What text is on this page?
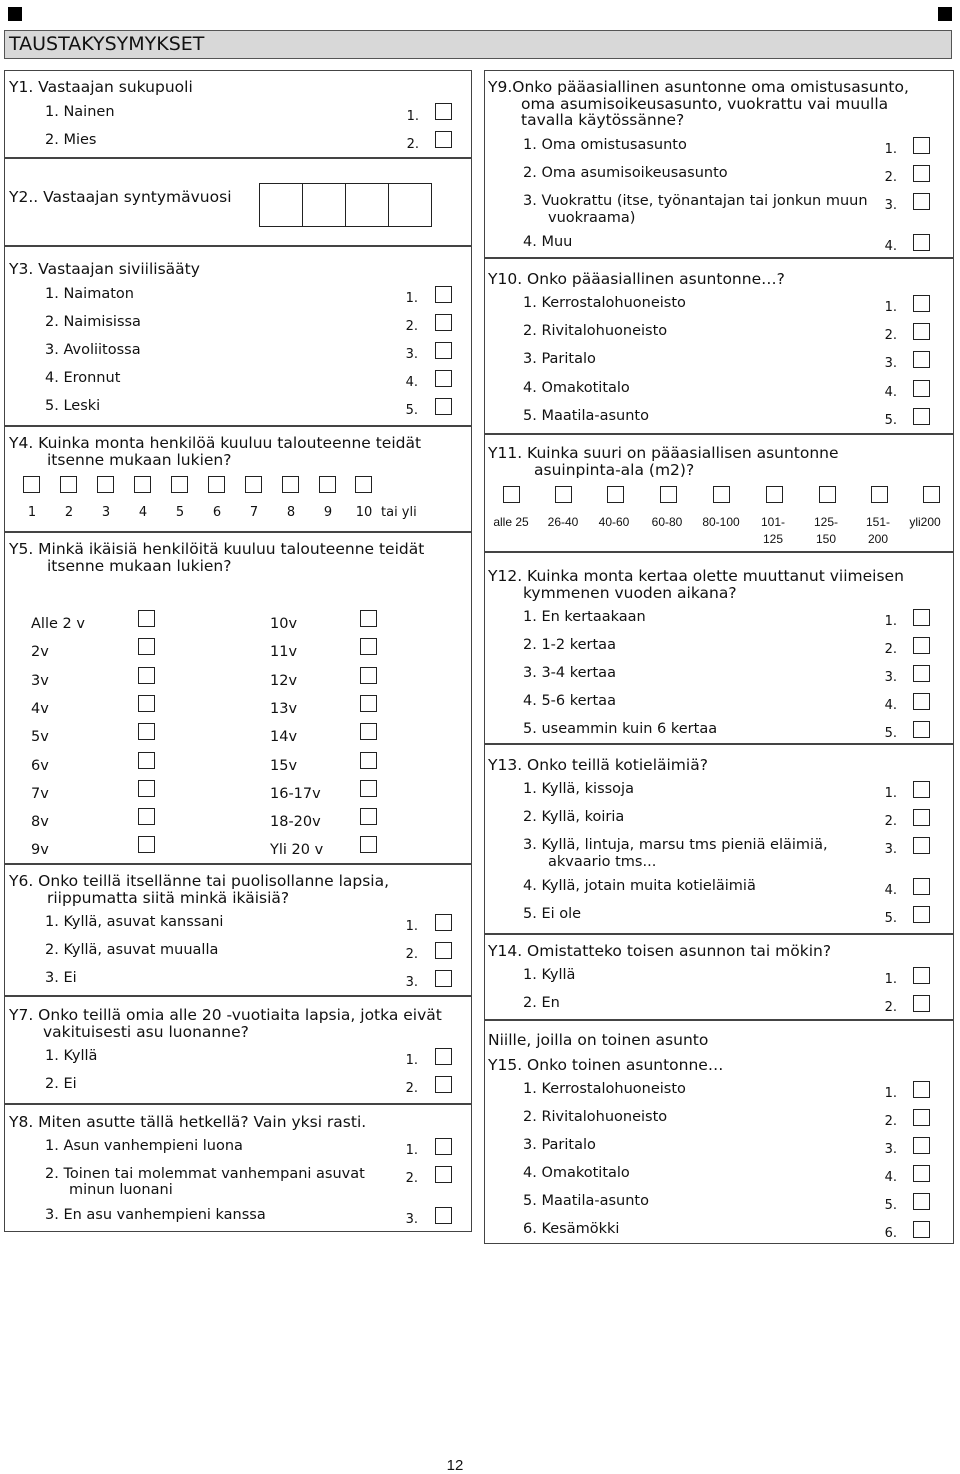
TAUSTAKYSYMYKSET
Y1. Vastaajan sukupuoli
1. Nainen	1.
2. Mies	2.
Y2.. Vastaajan syntymävuosi
Y3. Vastaajan siviilisääty
1. Naimaton	1.
2. Naimisissa	2.
3. Avoliitossa	3.
4. Eronnut	4.
5. Leski	5.
Y4. Kuinka monta henkilöä kuuluu talouteenne teidät
itsenne mukaan lukien?
1	2	3	4	5	6	7	8	9	10 tai yli
Y5. Minkä ikäisiä henkilöitä kuuluu talouteenne teidät
itsenne mukaan lukien?
Alle 2 v	10v
2v	11v
3v	12v
4v	13v
5v	14v
6v	15v
7v	16-17v
8v	18-20v
9v	Yli 20 v
Y6. Onko teillä itsellänne tai puolisollanne lapsia,
riippumatta siitä minkä ikäisiä?
1. Kyllä, asuvat kanssani	1.
2. Kyllä, asuvat muualla	2.
3. Ei	3.
Y7. Onko teillä omia alle 20 -vuotiaita lapsia, jotka eivät
vakituisesti asu luonanne?
1. Kyllä	1.
2. Ei	2.
Y8. Miten asutte tällä hetkellä? Vain yksi rasti.
1. Asun vanhempieni luona	1.
2. Toinen tai molemmat vanhempani asuvat
minun luonani
2.
3. En asu vanhempieni kanssa	3.
Y9.Onko pääasiallinen asuntonne oma omistusasunto,
oma asumisoikeusasunto, vuokrattu vai muulla
tavalla käytössänne?
1. Oma omistusasunto	1.
2. Oma asumisoikeusasunto	2.
3. Vuokrattu (itse, työnantajan tai jonkun muun
vuokraama)
3.
4. Muu	4.
Y10. Onko pääasiallinen asuntonne…?
1. Kerrostalohuoneisto	1.
2. Rivitalohuoneisto	2.
3. Paritalo	3.
4. Omakotitalo	4.
5. Maatila-asunto	5.
Y11. Kuinka suuri on pääasiallisen asuntonne
asuinpinta-ala (m2)?
alle 25	26-40	40-60	60-80	80-100	101-
125
125-
150
151-
200
yli200
Y12. Kuinka monta kertaa olette muuttanut viimeisen
kymmenen vuoden aikana?
1. En kertaakaan	1.
2. 1-2 kertaa	2.
3. 3-4 kertaa	3.
4. 5-6 kertaa	4.
5. useammin kuin 6 kertaa	5.
Y13. Onko teillä kotieläimiä?
1. Kyllä, kissoja	1.
2. Kyllä, koiria	2.
3. Kyllä, lintuja, marsu tms pieniä eläimiä,
akvaario tms...
3.
4. Kyllä, jotain muita kotieläimiä	4.
5. Ei ole	5.
Y14. Omistatteko toisen asunnon tai mökin?
1. Kyllä	1.
2. En	2.
Niille, joilla on toinen asunto
Y15. Onko toinen asuntonne…
1. Kerrostalohuoneisto	1.
2. Rivitalohuoneisto	2.
3. Paritalo	3.
4. Omakotitalo	4.
5. Maatila-asunto	5.
6. Kesämökki	6.
12
